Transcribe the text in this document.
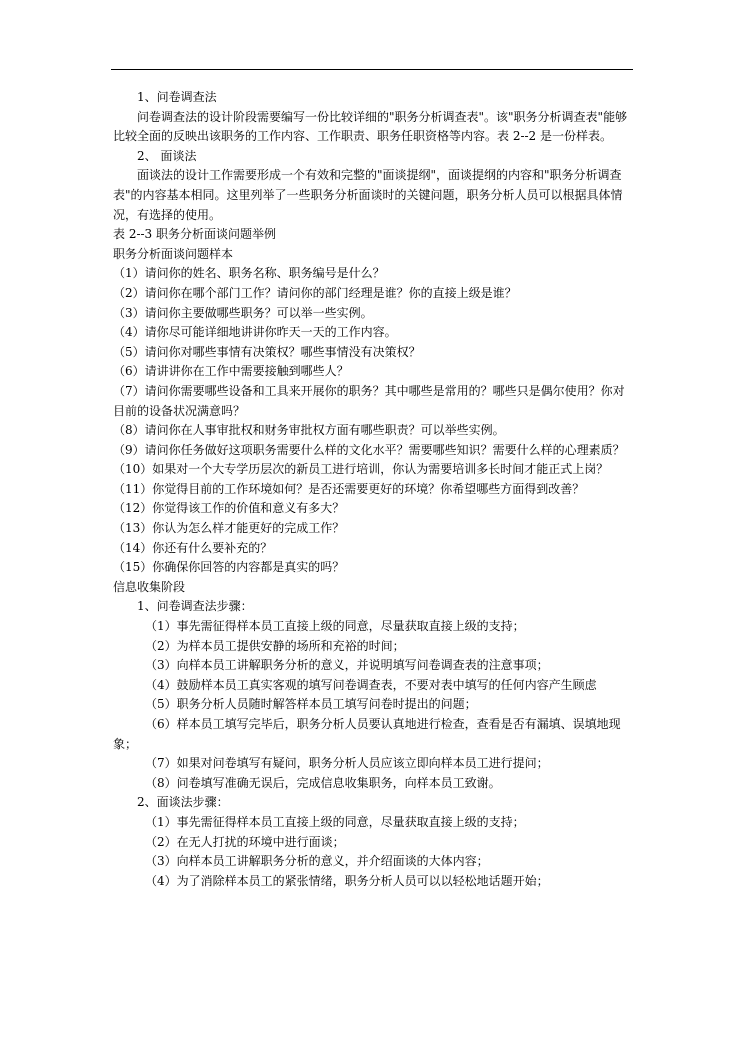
1、问卷调查法

问卷调查法的设计阶段需要编写一份比较详细的"职务分析调查表"。该"职务分析调查表"能够比较全面的反映出该职务的工作内容、工作职责、职务任职资格等内容。表 2--2 是一份样表。

2、 面谈法

面谈法的设计工作需要形成一个有效和完整的"面谈提纲"，面谈提纲的内容和"职务分析调查表"的内容基本相同。这里列举了一些职务分析面谈时的关键问题，职务分析人员可以根据具体情况，有选择的使用。

表 2--3 职务分析面谈问题举例

职务分析面谈问题样本

（1）请问你的姓名、职务名称、职务编号是什么？

（2）请问你在哪个部门工作？请问你的部门经理是谁？你的直接上级是谁？

（3）请问你主要做哪些职务？可以举一些实例。

（4）请你尽可能详细地讲讲你昨天一天的工作内容。

（5）请问你对哪些事情有决策权？哪些事情没有决策权？

（6）请讲讲你在工作中需要接触到哪些人？

（7）请问你需要哪些设备和工具来开展你的职务？其中哪些是常用的？哪些只是偶尔使用？你对目前的设备状况满意吗？

（8）请问你在人事审批权和财务审批权方面有哪些职责？可以举些实例。

（9）请问你任务做好这项职务需要什么样的文化水平？需要哪些知识？需要什么样的心理素质？

（10）如果对一个大专学历层次的新员工进行培训，你认为需要培训多长时间才能正式上岗？

（11）你觉得目前的工作环境如何？是否还需要更好的环境？你希望哪些方面得到改善？

（12）你觉得该工作的价值和意义有多大？

（13）你认为怎么样才能更好的完成工作？

（14）你还有什么要补充的？

（15）你确保你回答的内容都是真实的吗？

信息收集阶段

1、问卷调查法步骤：

（1）事先需征得样本员工直接上级的同意，尽量获取直接上级的支持；

（2）为样本员工提供安静的场所和充裕的时间；

（3）向样本员工讲解职务分析的意义，并说明填写问卷调查表的注意事项；

（4）鼓励样本员工真实客观的填写问卷调查表，不要对表中填写的任何内容产生顾虑

（5）职务分析人员随时解答样本员工填写问卷时提出的问题；

（6）样本员工填写完毕后，职务分析人员要认真地进行检查，查看是否有漏填、误填地现象；

（7）如果对问卷填写有疑问，职务分析人员应该立即向样本员工进行提问；

（8）问卷填写准确无误后，完成信息收集职务，向样本员工致谢。

2、面谈法步骤：

（1）事先需征得样本员工直接上级的同意，尽量获取直接上级的支持；

（2）在无人打扰的环境中进行面谈；

（3）向样本员工讲解职务分析的意义，并介绍面谈的大体内容；

（4）为了消除样本员工的紧张情绪，职务分析人员可以以轻松地话题开始；
